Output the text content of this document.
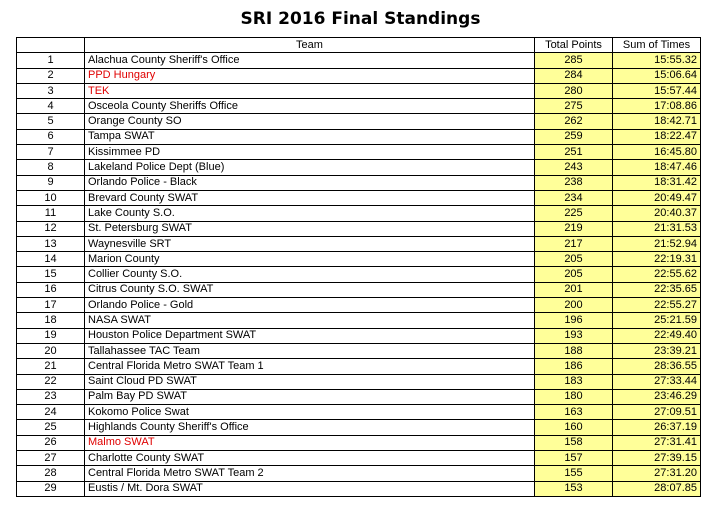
SRI 2016 Final Standings
	Team	Total Points	Sum of Times
1	Alachua County Sheriff's Office	285	15:55.32
2	PPD Hungary	284	15:06.64
3	TEK	280	15:57.44
4	Osceola County Sheriffs Office	275	17:08.86
5	Orange County SO	262	18:42.71
6	Tampa SWAT	259	18:22.47
7	Kissimmee PD	251	16:45.80
8	Lakeland Police Dept (Blue)	243	18:47.46
9	Orlando Police - Black	238	18:31.42
10	Brevard County SWAT	234	20:49.47
11	Lake County S.O.	225	20:40.37
12	St. Petersburg SWAT	219	21:31.53
13	Waynesville SRT	217	21:52.94
14	Marion County	205	22:19.31
15	Collier County S.O.	205	22:55.62
16	Citrus County S.O. SWAT	201	22:35.65
17	Orlando Police - Gold	200	22:55.27
18	NASA SWAT	196	25:21.59
19	Houston Police Department SWAT	193	22:49.40
20	Tallahassee TAC Team	188	23:39.21
21	Central Florida Metro SWAT Team 1	186	28:36.55
22	Saint Cloud PD SWAT	183	27:33.44
23	Palm Bay PD SWAT	180	23:46.29
24	Kokomo Police Swat	163	27:09.51
25	Highlands County Sheriff's Office	160	26:37.19
26	Malmo SWAT	158	27:31.41
27	Charlotte County SWAT	157	27:39.15
28	Central Florida Metro SWAT Team 2	155	27:31.20
29	Eustis / Mt. Dora SWAT	153	28:07.85
